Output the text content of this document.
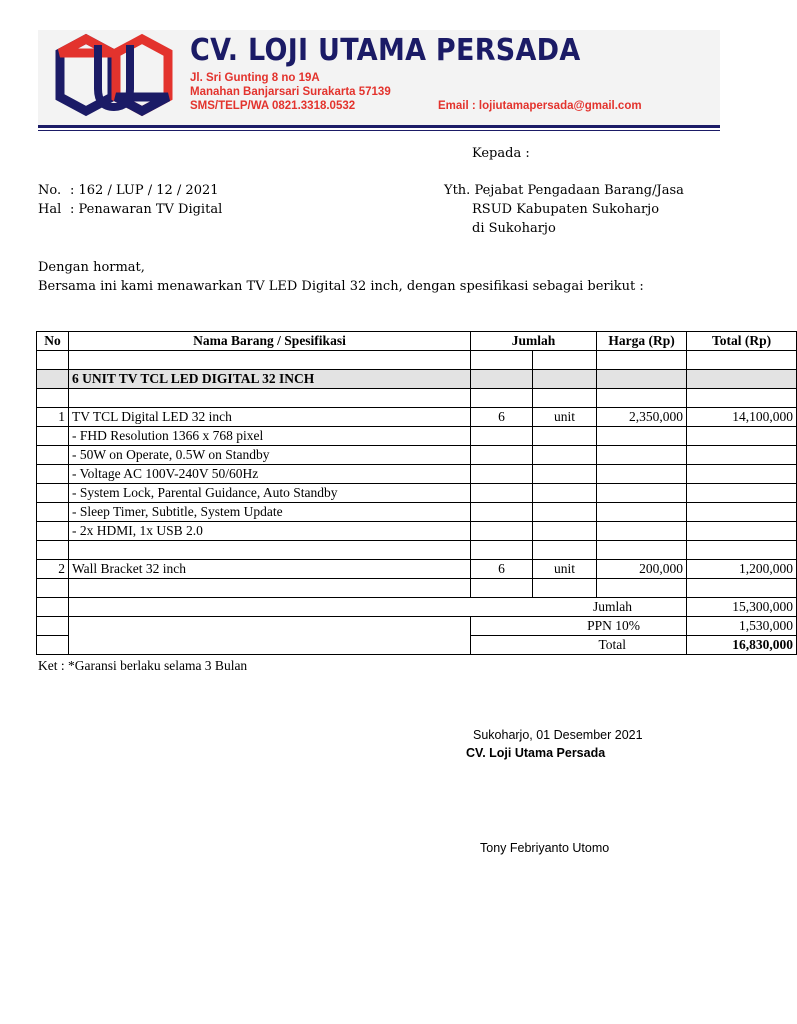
CV. LOJI UTAMA PERSADA
Jl. Sri Gunting 8 no 19A
Manahan Banjarsari Surakarta 57139
SMS/TELP/WA 0821.3318.0532	Email : lojiutamapersada@gmail.com
Kepada :
No. : 162 / LUP / 12 / 2021
Hal : Penawaran TV Digital
Yth. Pejabat Pengadaan Barang/Jasa
RSUD Kabupaten Sukoharjo
di Sukoharjo
Dengan hormat,
Bersama ini kami menawarkan TV LED Digital 32 inch, dengan spesifikasi sebagai berikut :
No	Nama Barang / Spesifikasi	Jumlah		Harga (Rp)	Total (Rp)

	6 UNIT TV TCL LED DIGITAL 32 INCH				

1	TV TCL Digital LED 32 inch	6	unit	2,350,000	14,100,000
	- FHD Resolution 1366 x 768 pixel				
	- 50W on Operate, 0.5W on Standby				
	- Voltage AC 100V-240V 50/60Hz				
	- System Lock, Parental Guidance, Auto Standby				
	- Sleep Timer, Subtitle, System Update				
	- 2x HDMI, 1x USB 2.0				

2	Wall Bracket 32 inch	6	unit	200,000	1,200,000

	Jumlah				15,300,000
		PPN 10%			1,530,000
		Total			16,830,000
Ket : *Garansi berlaku selama 3 Bulan
Sukoharjo, 01 Desember 2021
CV. Loji Utama Persada
Tony Febriyanto Utomo
